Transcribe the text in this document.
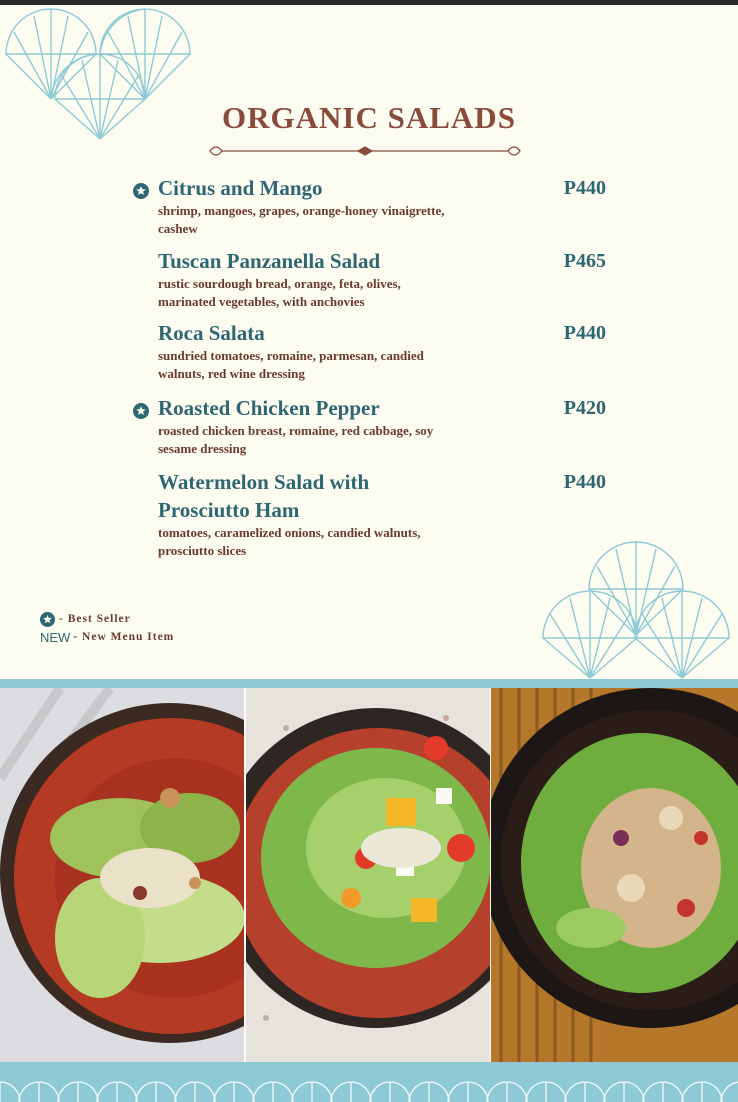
ORGANIC SALADS
Citrus and Mango	P440
shrimp, mangoes, grapes, orange-honey vinaigrette,
cashew
Tuscan Panzanella Salad	P465
rustic sourdough bread, orange, feta, olives,
marinated vegetables, with anchovies
Roca Salata	P440
sundried tomatoes, romaine, parmesan, candied
walnuts, red wine dressing
Roasted Chicken Pepper	P420
roasted chicken breast, romaine, red cabbage, soy
sesame dressing
Watermelon Salad with
Prosciutto Ham
P440
tomatoes, caramelized onions, candied walnuts,
prosciutto slices
- Best Seller
NEW - New Menu Item
